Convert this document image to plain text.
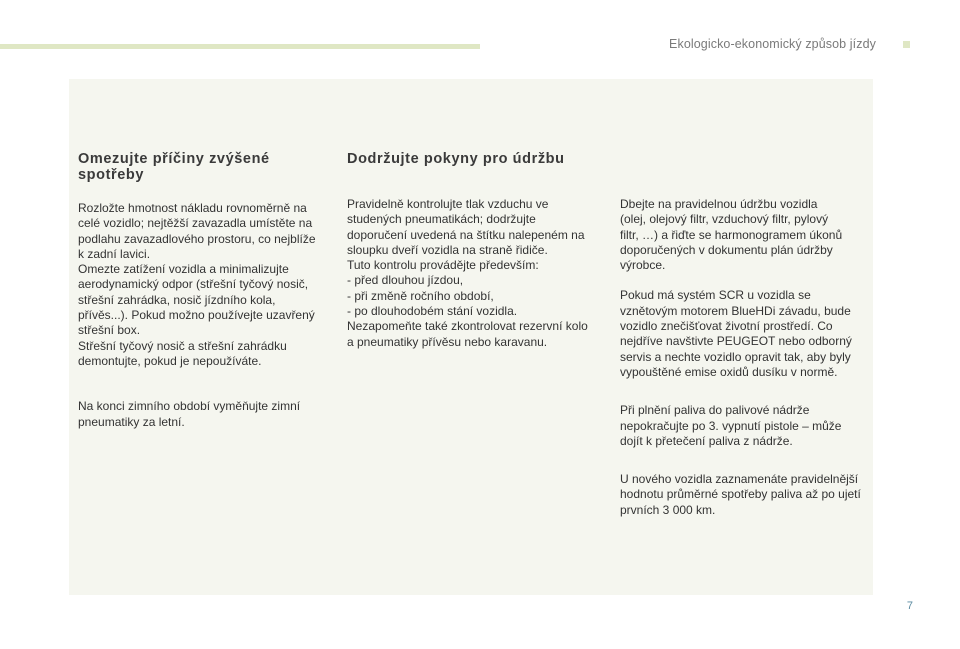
Ekologicko-ekonomický způsob jízdy
Omezujte příčiny zvýšené
spotřeby

Rozložte hmotnost nákladu rovnoměrně na
celé vozidlo; nejtěžší zavazadla umístěte na
podlahu zavazadlového prostoru, co nejblíže
k zadní lavici.
Omezte zatížení vozidla a minimalizujte
aerodynamický odpor (střešní tyčový nosič,
střešní zahrádka, nosič jízdního kola,
přívěs...). Pokud možno používejte uzavřený
střešní box.
Střešní tyčový nosič a střešní zahrádku
demontujte, pokud je nepoužíváte.

Na konci zimního období vyměňujte zimní
pneumatiky za letní.

Dodržujte pokyny pro údržbu

Pravidelně kontrolujte tlak vzduchu ve
studených pneumatikách; dodržujte
doporučení uvedená na štítku nalepeném na
sloupku dveří vozidla na straně řidiče.
Tuto kontrolu provádějte především:
- před dlouhou jízdou,
- při změně ročního období,
- po dlouhodobém stání vozidla.
Nezapomeňte také zkontrolovat rezervní kolo
a pneumatiky přívěsu nebo karavanu.

Dbejte na pravidelnou údržbu vozidla
(olej, olejový filtr, vzduchový filtr, pylový
filtr, …) a řiďte se harmonogramem úkonů
doporučených v dokumentu plán údržby
výrobce.

Pokud má systém SCR u vozidla se
vznětovým motorem BlueHDi závadu, bude
vozidlo znečišťovat životní prostředí. Co
nejdříve navštivte PEUGEOT nebo odborný
servis a nechte vozidlo opravit tak, aby byly
vypouštěné emise oxidů dusíku v normě.

Při plnění paliva do palivové nádrže
nepokračujte po 3. vypnutí pistole – může
dojít k přetečení paliva z nádrže.

U nového vozidla zaznamenáte pravidelnější
hodnotu průměrné spotřeby paliva až po ujetí
prvních 3 000 km.

7
